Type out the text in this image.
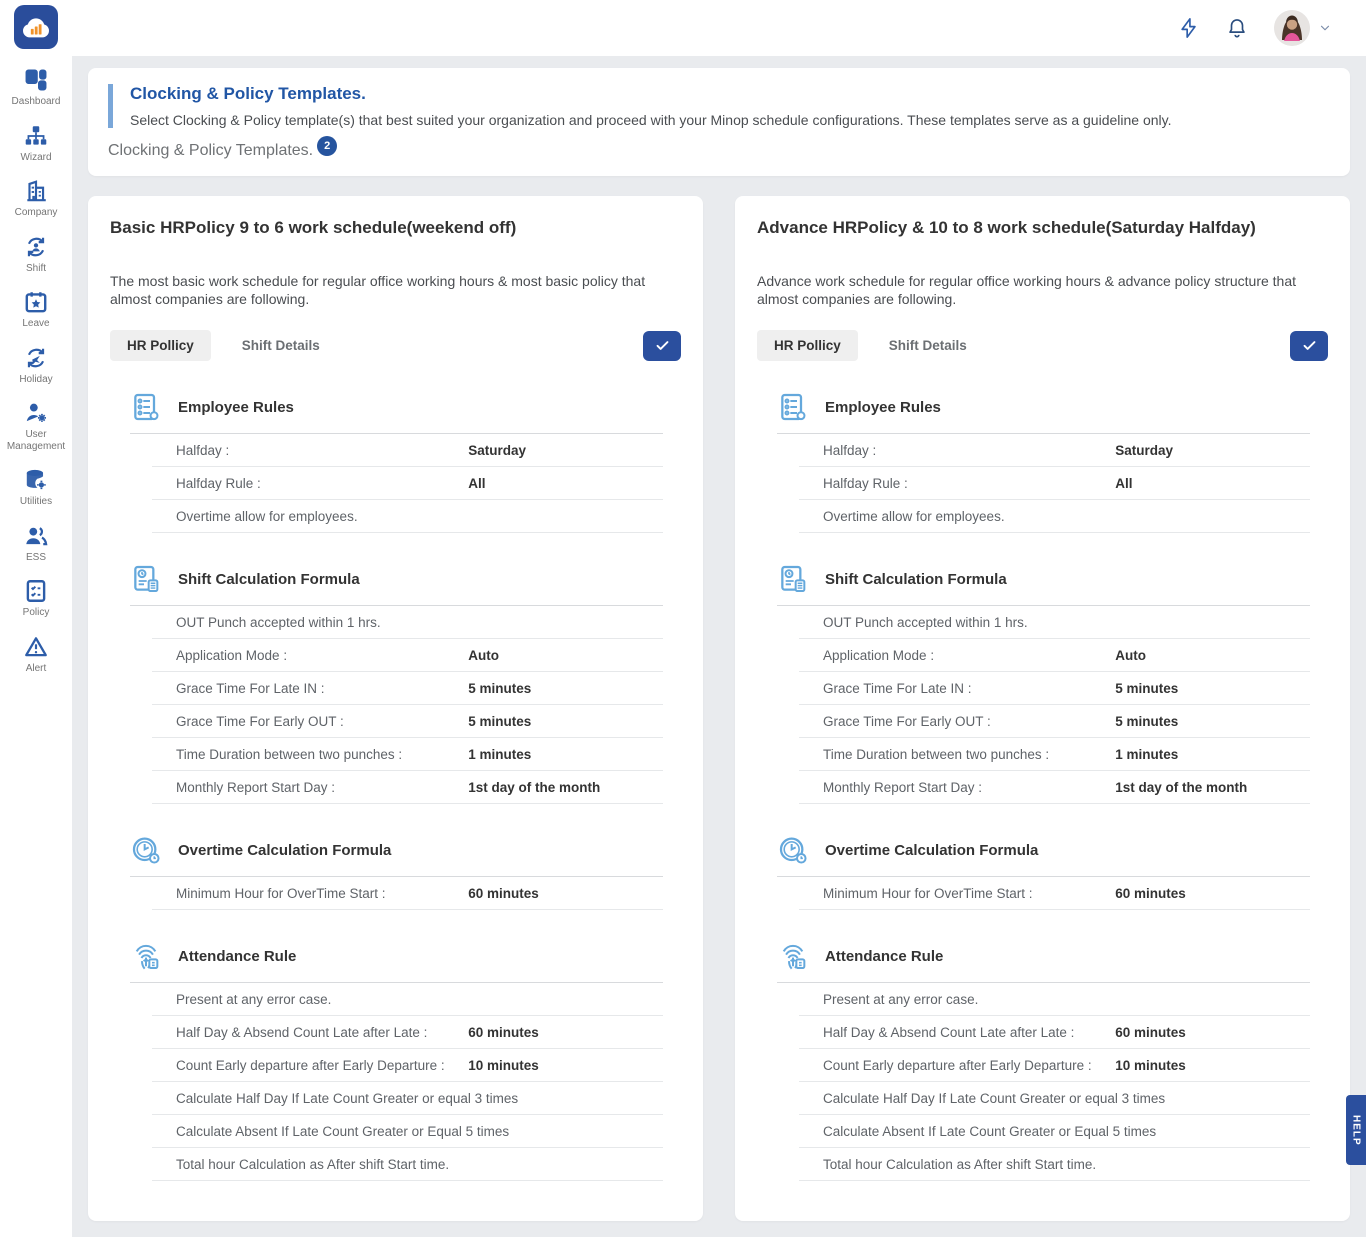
Dashboard
Wizard
Company
Shift
Leave
Holiday
User Management
Utilities
ESS
Policy
Alert
Clocking & Policy Templates.
Select Clocking & Policy template(s) that best suited your organization and proceed with your Minop schedule configurations. These templates serve as a guideline only.
Clocking & Policy Templates. 2
Basic HRPolicy 9 to 6 work schedule(weekend off)

The most basic work schedule for regular office working hours & most basic policy that almost companies are following.

HR Pollicy	Shift Details
Employee Rules
Halfday :	Saturday
Halfday Rule :	All
Overtime allow for employees.
Shift Calculation Formula
OUT Punch accepted within 1 hrs.
Application Mode :	Auto
Grace Time For Late IN :	5 minutes
Grace Time For Early OUT :	5 minutes
Time Duration between two punches :	1 minutes
Monthly Report Start Day :	1st day of the month
Overtime Calculation Formula
Minimum Hour for OverTime Start :	60 minutes
Attendance Rule
Present at any error case.
Half Day & Absend Count Late after Late :	60 minutes
Count Early departure after Early Departure :	10 minutes
Calculate Half Day If Late Count Greater or equal 3 times
Calculate Absent If Late Count Greater or Equal 5 times
Total hour Calculation as After shift Start time.
Advance HRPolicy & 10 to 8 work schedule(Saturday Halfday)

Advance work schedule for regular office working hours & advance policy structure that almost companies are following.

HR Pollicy	Shift Details
Employee Rules
Halfday :	Saturday
Halfday Rule :	All
Overtime allow for employees.
Shift Calculation Formula
OUT Punch accepted within 1 hrs.
Application Mode :	Auto
Grace Time For Late IN :	5 minutes
Grace Time For Early OUT :	5 minutes
Time Duration between two punches :	1 minutes
Monthly Report Start Day :	1st day of the month
Overtime Calculation Formula
Minimum Hour for OverTime Start :	60 minutes
Attendance Rule
Present at any error case.
Half Day & Absend Count Late after Late :	60 minutes
Count Early departure after Early Departure :	10 minutes
Calculate Half Day If Late Count Greater or equal 3 times
Calculate Absent If Late Count Greater or Equal 5 times
Total hour Calculation as After shift Start time.
HELP
